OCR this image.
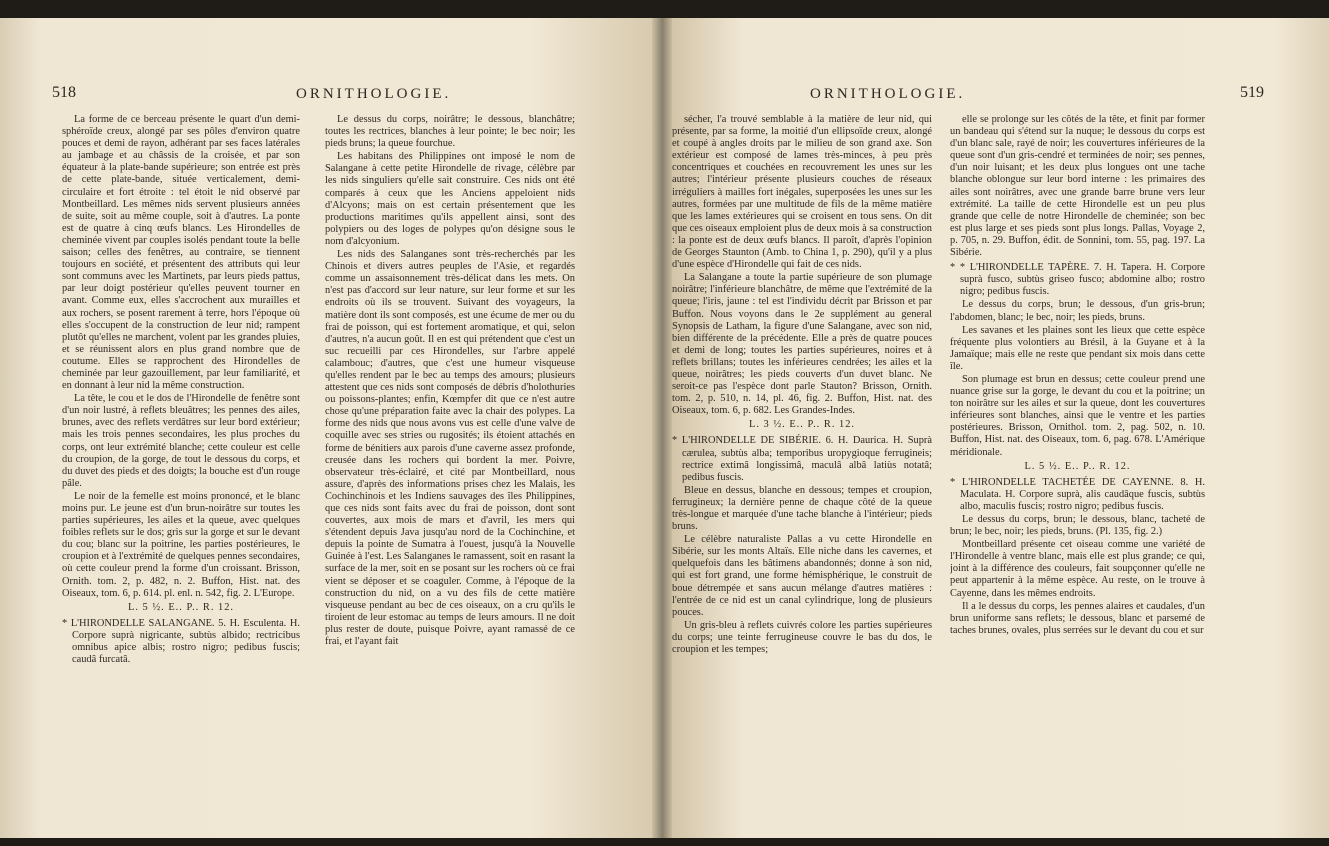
518	ORNITHOLOGIE.

La forme de ce berceau présente le quart d'un demi-sphéroïde creux, alongé par ses pôles d'environ quatre pouces et demi de rayon, adhérant par ses faces latérales au jambage et au châssis de la croisée, et par son équateur à la plate-bande supérieure; son entrée est près de cette plate-bande, située verticalement, demi-circulaire et fort étroite : tel étoit le nid observé par Montbeillard. Les mêmes nids servent plusieurs années de suite, soit au même couple, soit à d'autres. La ponte est de quatre à cinq œufs blancs. Les Hirondelles de cheminée vivent par couples isolés pendant toute la belle saison; celles des fenêtres, au contraire, se tiennent toujours en société, et présentent des attributs qui leur sont communs avec les Martinets, par leurs pieds pattus, par leur doigt postérieur qu'elles peuvent tourner en avant. Comme eux, elles s'accrochent aux murailles et aux rochers, se posent rarement à terre, hors l'époque où elles s'occupent de la construction de leur nid; rampent plutôt qu'elles ne marchent, volent par les grandes pluies, et se réunissent alors en plus grand nombre que de coutume. Elles se rapprochent des Hirondelles de cheminée par leur gazouillement, par leur familiarité, et en donnant à leur nid la même construction.

La tête, le cou et le dos de l'Hirondelle de fenêtre sont d'un noir lustré, à reflets bleuâtres; les pennes des ailes, brunes, avec des reflets verdâtres sur leur bord extérieur; mais les trois pennes secondaires, les plus proches du corps, ont leur extrémité blanche; cette couleur est celle du croupion, de la gorge, de tout le dessous du corps, et du duvet des pieds et des doigts; la bouche est d'un rouge pâle.

Le noir de la femelle est moins prononcé, et le blanc moins pur. Le jeune est d'un brun-noirâtre sur toutes les parties supérieures, les ailes et la queue, avec quelques foibles reflets sur le dos; gris sur la gorge et sur le devant du cou; blanc sur la poitrine, les parties postérieures, le croupion et à l'extrémité de quelques pennes secondaires, où cette couleur prend la forme d'un croissant. Brisson, Ornith. tom. 2, p. 482, n. 2. Buffon, Hist. nat. des Oiseaux, tom. 6, p. 614. pl. enl. n. 542, fig. 2. L'Europe.

L. 5 ½. E.. P.. R. 12.

* L'HIRONDELLE SALANGANE. 5. H. Esculenta. H. Corpore suprà nigricante, subtùs albido; rectricibus omnibus apice albis; rostro nigro; pedibus fuscis; caudâ furcatâ.

Le dessus du corps, noirâtre; le dessous, blanchâtre; toutes les rectrices, blanches à leur pointe; le bec noir; les pieds bruns; la queue fourchue.

Les habitans des Philippines ont imposé le nom de Salangane à cette petite Hirondelle de rivage, célèbre par les nids singuliers qu'elle sait construire. Ces nids ont été comparés à ceux que les Anciens appeloient nids d'Alcyons; mais on est certain présentement que les productions maritimes qu'ils appellent ainsi, sont des polypiers ou des loges de polypes qu'on désigne sous le nom d'alcyonium.

Les nids des Salanganes sont très-recherchés par les Chinois et divers autres peuples de l'Asie, et regardés comme un assaisonnement très-délicat dans les mets. On n'est pas d'accord sur leur nature, sur leur forme et sur les endroits où ils se trouvent. Suivant des voyageurs, la matière dont ils sont composés, est une écume de mer ou du frai de poisson, qui est fortement aromatique, et qui, selon d'autres, n'a aucun goût. Il en est qui prétendent que c'est un suc recueilli par ces Hirondelles, sur l'arbre appelé calambouc; d'autres, que c'est une humeur visqueuse qu'elles rendent par le bec au temps des amours; plusieurs attestent que ces nids sont composés de débris d'holothuries ou poissons-plantes; enfin, Kœmpfer dit que ce n'est autre chose qu'une préparation faite avec la chair des polypes. La forme des nids que nous avons vus est celle d'une valve de coquille avec ses stries ou rugosités; ils étoient attachés en forme de bénitiers aux parois d'une caverne assez profonde, creusée dans les rochers qui bordent la mer. Poivre, observateur très-éclairé, et cité par Montbeillard, nous assure, d'après des informations prises chez les Malais, les Cochinchinois et les Indiens sauvages des îles Philippines, que ces nids sont faits avec du frai de poisson, dont sont couvertes, aux mois de mars et d'avril, les mers qui s'étendent depuis Java jusqu'au nord de la Cochinchine, et depuis la pointe de Sumatra à l'ouest, jusqu'à la Nouvelle Guinée à l'est. Les Salanganes le ramassent, soit en rasant la surface de la mer, soit en se posant sur les rochers où ce frai vient se déposer et se coaguler. Comme, à l'époque de la construction du nid, on a vu des fils de cette matière visqueuse pendant au bec de ces oiseaux, on a cru qu'ils le tiroient de leur estomac au temps de leurs amours. Il ne doit plus rester de doute, puisque Poivre, ayant ramassé de ce frai, et l'ayant fait

ORNITHOLOGIE.	519

sécher, l'a trouvé semblable à la matière de leur nid, qui présente, par sa forme, la moitié d'un ellipsoïde creux, alongé et coupé à angles droits par le milieu de son grand axe. Son extérieur est composé de lames très-minces, à peu près concentriques et couchées en recouvrement les unes sur les autres; l'intérieur présente plusieurs couches de réseaux irréguliers à mailles fort inégales, superposées les unes sur les autres, formées par une multitude de fils de la même matière que les lames extérieures qui se croisent en tous sens. On dit que ces oiseaux emploient plus de deux mois à sa construction : la ponte est de deux œufs blancs. Il paroît, d'après l'opinion de Georges Staunton (Amb. to China 1, p. 290), qu'il y a plus d'une espèce d'Hirondelle qui fait de ces nids.

La Salangane a toute la partie supérieure de son plumage noirâtre; l'inférieure blanchâtre, de même que l'extrémité de la queue; l'iris, jaune : tel est l'individu décrit par Brisson et par Buffon. Nous voyons dans le 2e supplément au general Synopsis de Latham, la figure d'une Salangane, avec son nid, bien différente de la précédente. Elle a près de quatre pouces et demi de long; toutes les parties supérieures, noires et à reflets brillans; toutes les inférieures cendrées; les ailes et la queue, noirâtres; les pieds couverts d'un duvet blanc. Ne seroit-ce pas l'espèce dont parle Stauton? Brisson, Ornith. tom. 2, p. 510, n. 14, pl. 46, fig. 2. Buffon, Hist. nat. des Oiseaux, tom. 6, p. 682. Les Grandes-Indes.

L. 3 ½. E.. P.. R. 12.

* L'HIRONDELLE DE SIBÉRIE. 6. H. Daurica. H. Suprà cærulea, subtùs alba; temporibus uropygioque ferrugineis; rectrice extimâ longissimâ, maculâ albâ latiùs notatâ; pedibus fuscis.

Bleue en dessus, blanche en dessous; tempes et croupion, ferrugineux; la dernière penne de chaque côté de la queue très-longue et marquée d'une tache blanche à l'intérieur; pieds bruns.

Le célèbre naturaliste Pallas a vu cette Hirondelle en Sibérie, sur les monts Altaïs. Elle niche dans les cavernes, et quelquefois dans les bâtimens abandonnés; donne à son nid, qui est fort grand, une forme hémisphérique, le construit de boue détrempée et sans aucun mélange d'autres matières : l'entrée de ce nid est un canal cylindrique, long de plusieurs pouces.

Un gris-bleu à reflets cuivrés colore les parties supérieures du corps; une teinte ferrugineuse couvre le bas du dos, le croupion et les tempes;

elle se prolonge sur les côtés de la tête, et finit par former un bandeau qui s'étend sur la nuque; le dessous du corps est d'un blanc sale, rayé de noir; les couvertures inférieures de la queue sont d'un gris-cendré et terminées de noir; ses pennes, d'un noir luisant; et les deux plus longues ont une tache blanche oblongue sur leur bord interne : les primaires des ailes sont noirâtres, avec une grande barre brune vers leur extrémité. La taille de cette Hirondelle est un peu plus grande que celle de notre Hirondelle de cheminée; son bec est plus large et ses pieds sont plus longs. Pallas, Voyage 2, p. 705, n. 29. Buffon, édit. de Sonnini, tom. 55, pag. 197. La Sibérie.

* * L'HIRONDELLE TAPÈRE. 7. H. Tapera. H. Corpore suprà fusco, subtùs griseo fusco; abdomine albo; rostro nigro; pedibus fuscis.

Le dessus du corps, brun; le dessous, d'un gris-brun; l'abdomen, blanc; le bec, noir; les pieds, bruns.

Les savanes et les plaines sont les lieux que cette espèce fréquente plus volontiers au Brésil, à la Guyane et à la Jamaïque; mais elle ne reste que pendant six mois dans cette île.

Son plumage est brun en dessus; cette couleur prend une nuance grise sur la gorge, le devant du cou et la poitrine; un ton noirâtre sur les ailes et sur la queue, dont les couvertures inférieures sont blanches, ainsi que le ventre et les parties postérieures. Brisson, Ornithol. tom. 2, pag. 502, n. 10. Buffon, Hist. nat. des Oiseaux, tom. 6, pag. 678. L'Amérique méridionale.

L. 5 ½. E.. P.. R. 12.

* L'HIRONDELLE TACHETÉE DE CAYENNE. 8. H. Maculata. H. Corpore suprà, alis caudâque fuscis, subtùs albo, maculis fuscis; rostro nigro; pedibus fuscis.

Le dessus du corps, brun; le dessous, blanc, tacheté de brun; le bec, noir; les pieds, bruns. (Pl. 135, fig. 2.)

Montbeillard présente cet oiseau comme une variété de l'Hirondelle à ventre blanc, mais elle est plus grande; ce qui, joint à la différence des couleurs, fait soupçonner qu'elle ne peut appartenir à la même espèce. Au reste, on le trouve à Cayenne, dans les mêmes endroits.

Il a le dessus du corps, les pennes alaires et caudales, d'un brun uniforme sans reflets; le dessous, blanc et parsemé de taches brunes, ovales, plus serrées sur le devant du cou et sur
